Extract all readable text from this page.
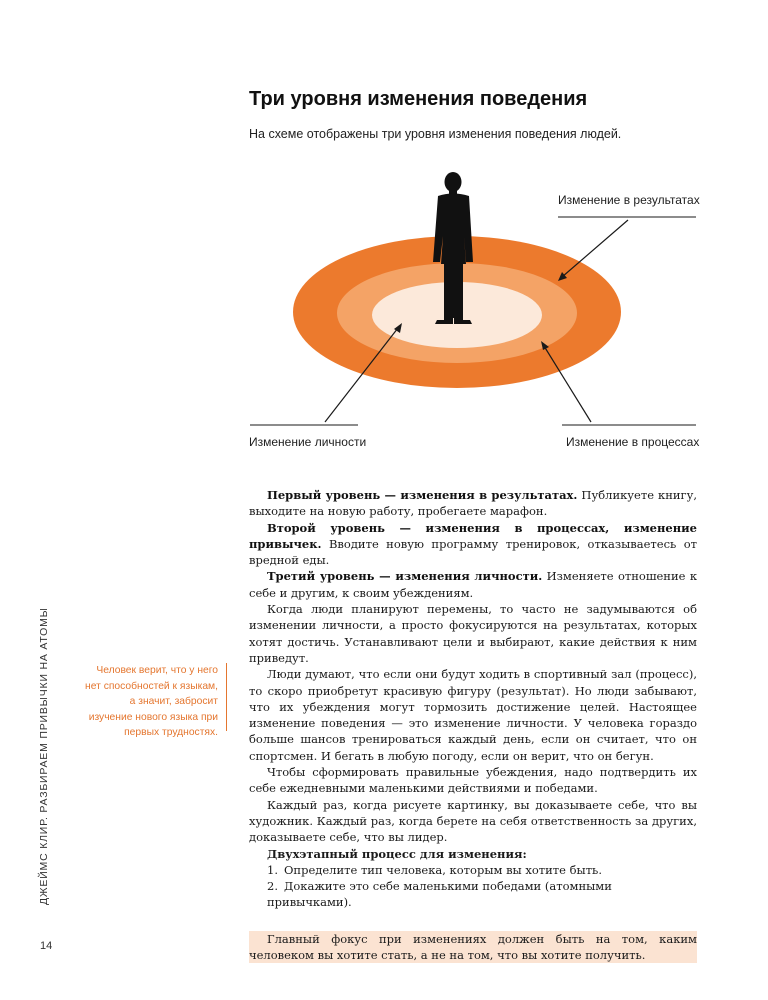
Три уровня изменения поведения

На схеме отображены три уровня изменения поведения людей.

Изменение в результатах
Изменение личности	Изменение в процессах

Первый уровень — изменения в результатах. Публикуете книгу, выходите на новую работу, пробегаете марафон.

Второй уровень — изменения в процессах, изменение привычек. Вводите новую программу тренировок, отказываетесь от вредной еды.

Третий уровень — изменения личности. Изменяете отношение к себе и другим, к своим убеждениям.

Когда люди планируют перемены, то часто не задумываются об изменении личности, а просто фокусируются на результатах, которых хотят достичь. Устанавливают цели и выбирают, какие действия к ним приведут.

Люди думают, что если они будут ходить в спортивный зал (процесс), то скоро приобретут красивую фигуру (результат). Но люди забывают, что их убеждения могут тормозить достижение целей. Настоящее изменение поведения — это изменение личности. У человека гораздо больше шансов тренироваться каждый день, если он считает, что он спортсмен. И бегать в любую погоду, если он верит, что он бегун.

Чтобы сформировать правильные убеждения, надо подтвердить их себе ежедневными маленькими действиями и победами.

Каждый раз, когда рисуете картинку, вы доказываете себе, что вы художник. Каждый раз, когда берете на себя ответственность за других, доказываете себе, что вы лидер.

Двухэтапный процесс для изменения:

1. Определите тип человека, которым вы хотите быть.
2. Докажите это себе маленькими победами (атомными привычками).

Главный фокус при изменениях должен быть на том, каким человеком вы хотите стать, а не на том, что вы хотите получить.

Человек верит, что у него нет способностей к языкам, а значит, забросит изучение нового языка при первых трудностях.
ДЖЕЙМС КЛИР. РАЗБИРАЕМ ПРИВЫЧКИ НА АТОМЫ
14
